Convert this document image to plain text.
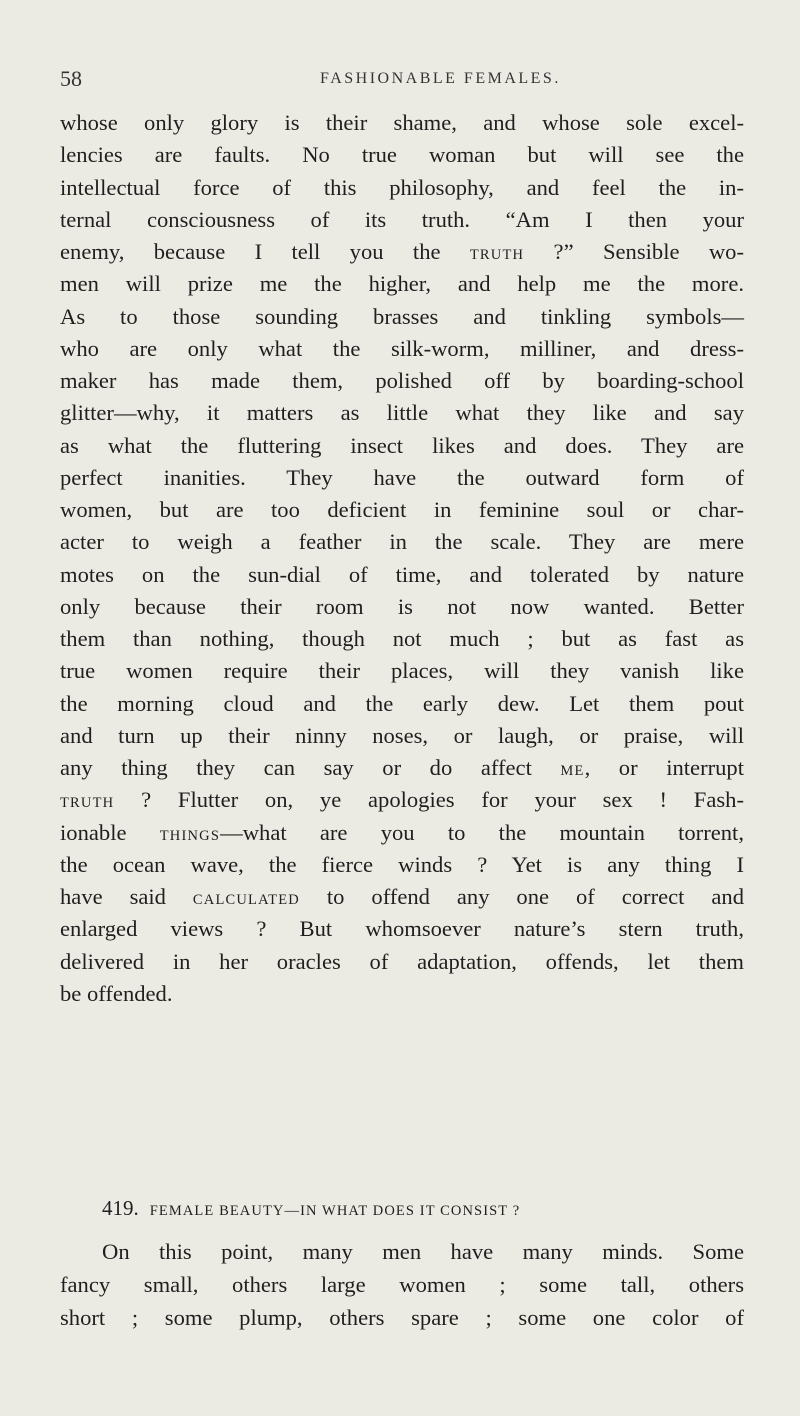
58	FASHIONABLE FEMALES.
whose only glory is their shame, and whose sole excel-
lencies are faults. No true woman but will see the
intellectual force of this philosophy, and feel the in-
ternal consciousness of its truth. “Am I then your
enemy, because I tell you the TRUTH ?” Sensible wo-
men will prize me the higher, and help me the more.
As to those sounding brasses and tinkling symbols—
who are only what the silk-worm, milliner, and dress-
maker has made them, polished off by boarding-school
glitter—why, it matters as little what they like and say
as what the fluttering insect likes and does. They are
perfect inanities. They have the outward form of
women, but are too deficient in feminine soul or char-
acter to weigh a feather in the scale. They are mere
motes on the sun-dial of time, and tolerated by nature
only because their room is not now wanted. Better
them than nothing, though not much ; but as fast as
true women require their places, will they vanish like
the morning cloud and the early dew. Let them pout
and turn up their ninny noses, or laugh, or praise, will
any thing they can say or do affect ME, or interrupt
TRUTH ? Flutter on, ye apologies for your sex ! Fash-
ionable THINGS—what are you to the mountain torrent,
the ocean wave, the fierce winds ? Yet is any thing I
have said CALCULATED to offend any one of correct and
enlarged views ? But whomsoever nature’s stern truth,
delivered in her oracles of adaptation, offends, let them
be offended.
419. FEMALE BEAUTY—IN WHAT DOES IT CONSIST ?
On this point, many men have many minds. Some
fancy small, others large women ; some tall, others
short ; some plump, others spare ; some one color of
